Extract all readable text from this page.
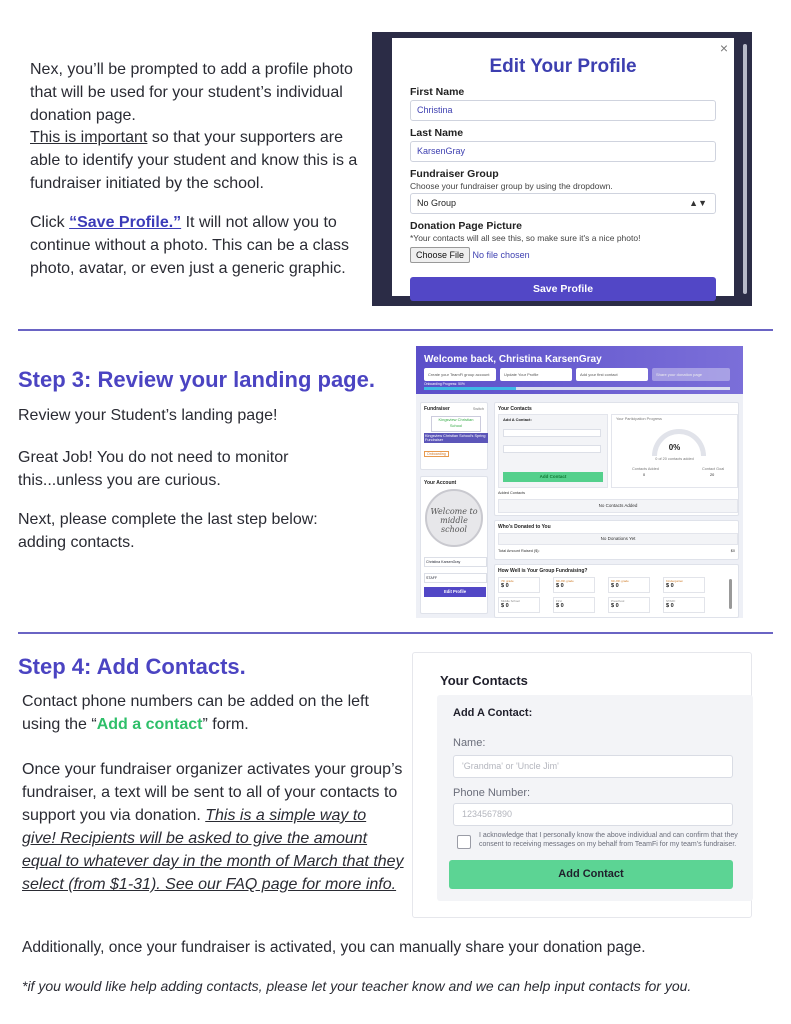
Nex, you’ll be prompted to add a profile photo that will be used for your student’s individual donation page.
This is important so that your supporters are able to identify your student and know this is a fundraiser initiated by the school.
Click “Save Profile.” It will not allow you to continue without a photo. This can be a class photo, avatar, or even just a generic graphic.
×
Edit Your Profile
First Name
Christina
Last Name
KarsenGray
Fundraiser Group
Choose your fundraiser group by using the dropdown.
No Group	▲▼
Donation Page Picture
*Your contacts will all see this, so make sure it's a nice photo!
Choose File No file chosen
Save Profile
Step 3: Review your landing page.
Review your Student’s landing page!
Great Job! You do not need to monitor this...unless you are curious.
Next, please complete the last step below: adding contacts.
Welcome back, Christina KarsenGray
Create your TeamFi group account	Update Your Profile	Add your first contact	Share your donation page
Onboarding Progress: 50%
Fundraiser	Switch
Kingsview Christian School
Kingsview Christian School's Spring Fundraiser
Onboarding
Your Account
Welcome to middle school
Christina KarsenGray
STAFF
Edit Profile
Your Contacts
Add A Contact:
Add Contact
Your Participation Progress
0%
0 of 20 contacts added
Contacts Added	Contact Goal
0	20
Added Contacts
No Contacts Added
Who's Donated to You
No Donations Yet
Total Amount Raised ($):	$0
How Well is Your Group Fundraising?
7th grade
$ 0
6th-8th grade
$ 0
6th-8th grade
$ 0
Kindergarten
$ 0
Middle School
$ 0
First
$ 0
Preschool
$ 0
STAFF
$ 0
Step 4: Add Contacts.
Contact phone numbers can be added on the left using the “Add a contact” form.
Once your fundraiser organizer activates your group’s fundraiser, a text will be sent to all of your contacts to support you via donation. This is a simple way to give! Recipients will be asked to give the amount equal to whatever day in the month of March that they select (from $1-31). See our FAQ page for more info.
Your Contacts
Add A Contact:
Name:
'Grandma' or 'Uncle Jim'
Phone Number:
1234567890
I acknowledge that I personally know the above individual and can confirm that they consent to receiving messages on my behalf from TeamFi for my team's fundraiser.
Add Contact
Additionally, once your fundraiser is activated, you can manually share your donation page.
*if you would like help adding contacts, please let your teacher know and we can help input contacts for you.
